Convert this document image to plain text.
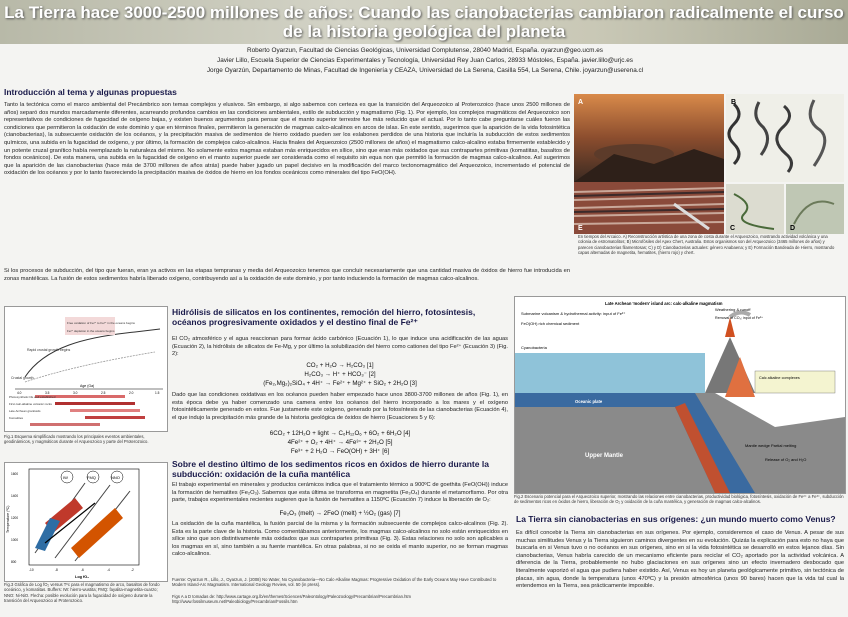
La Tierra hace 3000-2500 millones de años: Cuando las cianobacterias cambiaron radicalmente el curso de la historia geológica del planeta
Roberto Oyarzun, Facultad de Ciencias Geológicas, Universidad Complutense, 28040 Madrid, España. oyarzun@geo.ucm.es
Javier Lillo, Escuela Superior de Ciencias Experimentales y Tecnología, Universidad Rey Juan Carlos, 28933 Móstoles, España. javier.lillo@urjc.es
Jorge Oyarzún, Departamento de Minas, Facultad de Ingeniería y CEAZA, Universidad de La Serena, Casilla 554, La Serena, Chile. joyarzun@userena.cl
Introducción al tema y algunas propuestas

Tanto la tectónica como el marco ambiental del Precámbrico son temas complejos y elusivos. Sin embargo, si algo sabemos con certeza es que la transición del Arqueozoico al Proterozoico (hace unos 2500 millones de años) separó dos mundos marcadamente diferentes, acarreando profundos cambios en las condiciones ambientales, estilo de subducción y magmatismo (Fig. 1). Por ejemplo, los complejos magmáticos del Arqueozoico son representativos de condiciones de fugacidad de oxígeno bajas, y existen buenos argumentos para pensar que el manto superior terrestre fue más reducido que el actual. Por lo tanto cabe preguntarse cuáles fueron las condiciones que permitieron la oxidación de este dominio y que en términos finales, permitieron la generación de magmas calco-alcalinos en arcos de islas. En este sentido, sugerimos que la aparición de la vida fotosintética (cianobacterias), la subsecuente oxidación de los océanos, y la precipitación masiva de sedimentos de hierro oxidado pueden ser los eslabones perdidos de una historia que incluiría la subducción de estos sedimentos químicos, una subida en la fugacidad de oxígeno, y por último, la formación de complejos calco-alcalinos. Hacia finales del Arqueozoico (2500 millones de años) el magmatismo calco-alcalino estaba firmemente establecido y un potente cruzal granítico había reemplazado la naturaleza del mismo. No solamente estos magmas estaban más enriquecidos en sílice, sino que eran más oxidados que sus contrapartes primitivas (komatiitas, basaltos de fondos oceánicos). De esta manera, una subida en la fugacidad de oxígeno en el manto superior puede ser considerada como el requisito sin equa non que permitió la formación de magmas calco-alcalinos. Así sugerimos que la aparición de las cianobacterias (hace más de 3700 millones de años atrás) puede haber jugado un papel decisivo en la modificación del marco tectonomagmático del Arqueozoico, incrementado el potencial de oxidación de los océanos y por lo tanto favoreciendo la precipitación masiva de óxidos de hierro en los fondos oceánicos como minerales del tipo FeO(OH).

Si los procesos de subducción, del tipo que fueran, eran ya activos en las etapas tempranas y media del Arqueozoico tenemos que concluir necesariamente que una cantidad masiva de óxidos de hierro fue introducida en zonas mantélicas. La fusión de estos sedimentos habría liberado oxígeno, contribuyendo así a la oxidación de este dominio, y por tanto induciendo la formación de magmas calco-alcalinos.

A	B
C	D
E
En tiempos del Arcaico. A) Reconstrucción artística de una zona de costa durante el Arqueozoico, mostrando actividad volcánica y una colonia de estromatolitos; B) Microfósiles del Apex Chert, Australia. Estos organismos son del Arqueozoico (3465 millones de años) y parecen cianobacterias filamentosas; C) y D) Cianobacterias actuales: género Anabaena; y E) Formación Bandeada de Hierro, mostrando capas alternadas de magnetita, hematites, (hierro rojo) y chert.
Rapid crustal growth begins
Crustal growth
Free oxidation of Fe²⁺ to Fe³⁺ in the oceans begins
Fe²⁺ depletion in the oceans begins
Photosynthetic life well established
First calc-alkaline volcanic rocks
Late Archean granitoids
Komatiites
Age (Ga)
4.0	3.5	3.0	2.5	2.0	1.5
Fig.1 Esquema simplificado mostrando los principales eventos ambientales, geodinámicos, y magmáticos durante el Arqueozoico y parte del Proterozoico.
IW	FMQ	NNO
1600
1400
1200
1000
800
-10	-8	-6	-4	-2
Log fO₂
Temperature (ºC)
Fig.3 Gráfica de Log fO₂ versus Tºc para el magmatismo de arco, basaltos de fondo oceánico, y komatiitas. Buffers: IW: hierro-wustita; FMQ: fayalita-magnetita-cuarzo; NNO: Ni-NiO. Flecha: posible evolución para la fugacidad de oxígeno durante la transición del Arqueozoico al Proterozoico.
Hidrólisis de silicatos en los continentes, remoción del hierro, fotosíntesis, océanos progresivamente oxidados y el destino final de Fe²⁺

El CO₂ atmosférico y el agua reaccionan para formar ácido carbónico (Ecuación 1), lo que induce una acidificación de las aguas (Ecuación 2), la hidrólisis de silicatos de Fe-Mg, y por último la solubilización del hierro como cationes del tipo Fe²⁺ (Ecuación 3) (Fig. 2):

CO₂ + H₂O → H₂CO₃ [1]
H₂CO₃ → H⁺ + HCO₃⁻ [2]
(Fe₂,Mg₂)₂SiO₄ + 4H⁺ → Fe²⁺ + Mg²⁺ + SiO₂ + 2H₂O [3]

Dado que las condiciones oxidativas en los océanos pueden haber empezado hace unos 3800-3700 millones de años (Fig. 1), en esta época debe ya haber comenzado una camera entre los océanos del hierro incorporado a los mares y el oxígeno fotosintéticamente generado en estos. Fue justamente este oxígeno, generado por la fotosíntesis de las cianobacterias (Ecuación 4), el que indujo la precipitación más grande de la historia geológica de óxidos de hierro (Ecuaciones 5 y 6):

6CO₂ + 12H₂O + light → C₆H₁₂O₆ + 6O₂ + 6H₂O [4]
4Fe²⁺ + O₂ + 4H⁺ → 4Fe³⁺ + 2H₂O [5]
Fe³⁺ + 2 H₂O → FeO(OH) + 3H⁺ [6]
Sobre el destino último de los sedimentos ricos en óxidos de hierro durante la subducción: oxidación de la cuña mantélica

El trabajo experimental en minerales y productos cerámicos indica que el tratamiento térmico a 900ºC de goethita (FeO(OH)) induce la formación de hematites (Fe₂O₃). Sabemos que esta última se transforma en magnetita (Fe₃O₄) durante el metamorfismo. Por otra parte, trabajos experimentales recientes sugieren que la fusión de hematites a 1150ºC (Ecuación 7) induce la liberación de O₂:

Fe₂O₃ (melt) → 2FeO (melt) + ½O₂ (gas) [7]

La oxidación de la cuña mantélica, la fusión parcial de la misma y la formación subsecuente de complejos calco-alcalinos (Fig. 2). Esta es la parte clave de la historia. Como comentábamos anteriormente, los magmas calco-alcalinos no solo están enriquecidos en sílice sino que son distintivamente más oxidados que sus contrapartes primitivas (Fig. 3). Estas relaciones no solo son aplicables a los magmas en sí, sino también a su fuente mantélica. En otras palabras, si no se oxida el manto superior, no se forman magmas calco-alcalinos.

Fuente: Oyarzun R., Lillo, J., Oyarzun, J. (2008) No Water, No Cyanobacteria—No Calc-Alkaline Magmas: Progressive Oxidation of the Early Oceans May Have Contributed to Modern Island-Arc Magmatism. International Geology Review, vol. 50 (in press).
Figs A a D tomadas de: http://www.cartage.org.lb/en/themes/Sciences/Paleontology/Paleozoology/Precambrian/Precambrian.htm http://www.fossilmuseum.net/Paleobiology/Precambrian/Fossils.htm
Late Archean 'modern' island arc: calc-alkaline magmatism
Submarine volcanism & hydrothermal activity: input of Fe²⁺
FeO(OH) rich chemical sediment
Cyanobacteria
Oceanic plate
Upper Mantle
Mantle wedge Partial melting
Release of O₂ and H₂O
Calc alkaline complexes
Weathering & runoff
Removal of CO₂; input of Fe²⁺
Fig.2 Escenario potencial para el Arqueozoico superior, mostrando las relaciones entre cianobacterias, productividad biológica, fotosíntesis, oxidación de Fe²⁺ a Fe³⁺, subducción de sedimentos ricos en óxidos de hierro, liberación de O₂ y oxidación de la cuña mantélica, y generación de magmas calco-alcalinos.
La Tierra sin cianobacterias en sus orígenes: ¿un mundo muerto como Venus?

Es difícil concebir la Tierra sin cianobacterias en sus orígenes. Por ejemplo, consideremos el caso de Venus. A pesar de sus muchas similitudes Venus y la Tierra siguieron caminos divergentes en su evolución. Quizás la explicación para esto no haya que buscarla en si Venus tuvo o no océanos en sus orígenes, sino en si la vida fotosintética se desarrolló en estos lejanos días. Sin cianobacterias, Venus habría carecido de un mecanismo eficiente para reciclar el CO₂ aportado por la actividad volcánica. A diferencia de la Tierra, probablemente no hubo glaciaciones en sus orígenes sino un efecto invernadero desbocado que literalmente vaporizó el agua que pudiera haber existido. Así, Venus es hoy un planeta geológicamente primitivo, sin tectónica de placas, sin agua, donde la temperatura (unos 470ºC) y la presión atmosférica (unos 90 bares) hacen que la vida tal cual la entendemos en la Tierra, sea prácticamente imposible.
